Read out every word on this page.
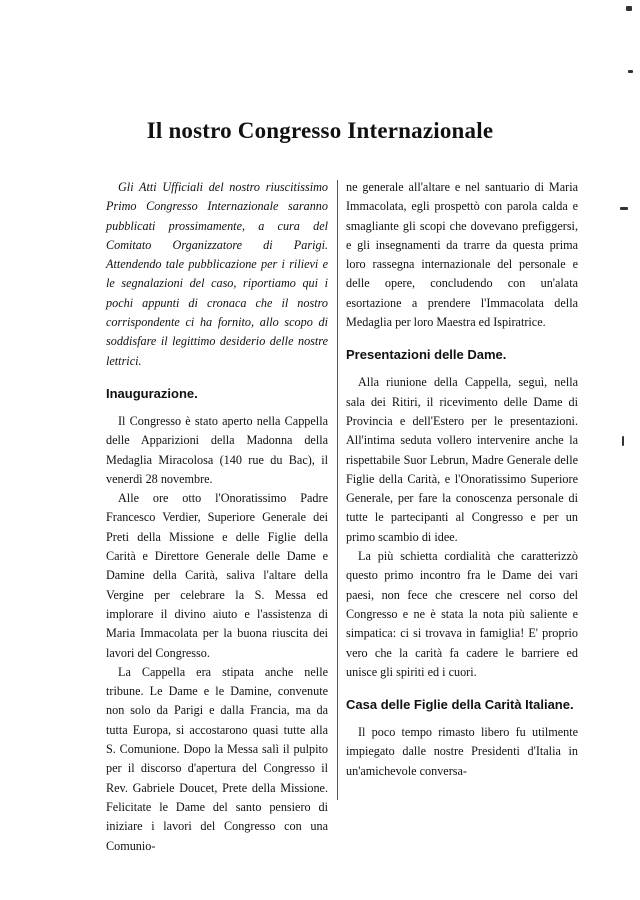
Il nostro Congresso Internazionale

Gli Atti Ufficiali del nostro riuscitissimo Primo Congresso Internazionale saranno pubblicati prossimamente, a cura del Comitato Organizzatore di Parigi. Attendendo tale pubblicazione per i rilievi e le segnalazioni del caso, riportiamo qui i pochi appunti di cronaca che il nostro corrispondente ci ha fornito, allo scopo di soddisfare il legittimo desiderio delle nostre lettrici.

Inaugurazione.

Il Congresso è stato aperto nella Cappella delle Apparizioni della Madonna della Medaglia Miracolosa (140 rue du Bac), il venerdì 28 novembre.

Alle ore otto l'Onoratissimo Padre Francesco Verdier, Superiore Generale dei Preti della Missione e delle Figlie della Carità e Direttore Generale delle Dame e Damine della Carità, saliva l'altare della Vergine per celebrare la S. Messa ed implorare il divino aiuto e l'assistenza di Maria Immacolata per la buona riuscita dei lavori del Congresso.

La Cappella era stipata anche nelle tribune. Le Dame e le Damine, convenute non solo da Parigi e dalla Francia, ma da tutta Europa, si accostarono quasi tutte alla S. Comunione. Dopo la Messa salì il pulpito per il discorso d'apertura del Congresso il Rev. Gabriele Doucet, Prete della Missione. Felicitate le Dame del santo pensiero di iniziare i lavori del Congresso con una Comunio-

ne generale all'altare e nel santuario di Maria Immacolata, egli prospettò con parola calda e smagliante gli scopi che dovevano prefiggersi, e gli insegnamenti da trarre da questa prima loro rassegna internazionale del personale e delle opere, concludendo con un'alata esortazione a prendere l'Immacolata della Medaglia per loro Maestra ed Ispiratrice.

Presentazioni delle Dame.

Alla riunione della Cappella, seguì, nella sala dei Ritiri, il ricevimento delle Dame di Provincia e dell'Estero per le presentazioni. All'intima seduta vollero intervenire anche la rispettabile Suor Lebrun, Madre Generale delle Figlie della Carità, e l'Onoratissimo Superiore Generale, per fare la conoscenza personale di tutte le partecipanti al Congresso e per un primo scambio di idee.

La più schietta cordialità che caratterizzò questo primo incontro fra le Dame dei vari paesi, non fece che crescere nel corso del Congresso e ne è stata la nota più saliente e simpatica: ci si trovava in famiglia! E' proprio vero che la carità fa cadere le barriere ed unisce gli spiriti ed i cuori.

Casa delle Figlie della Carità Italiane.

Il poco tempo rimasto libero fu utilmente impiegato dalle nostre Presidenti d'Italia in un'amichevole conversa-
